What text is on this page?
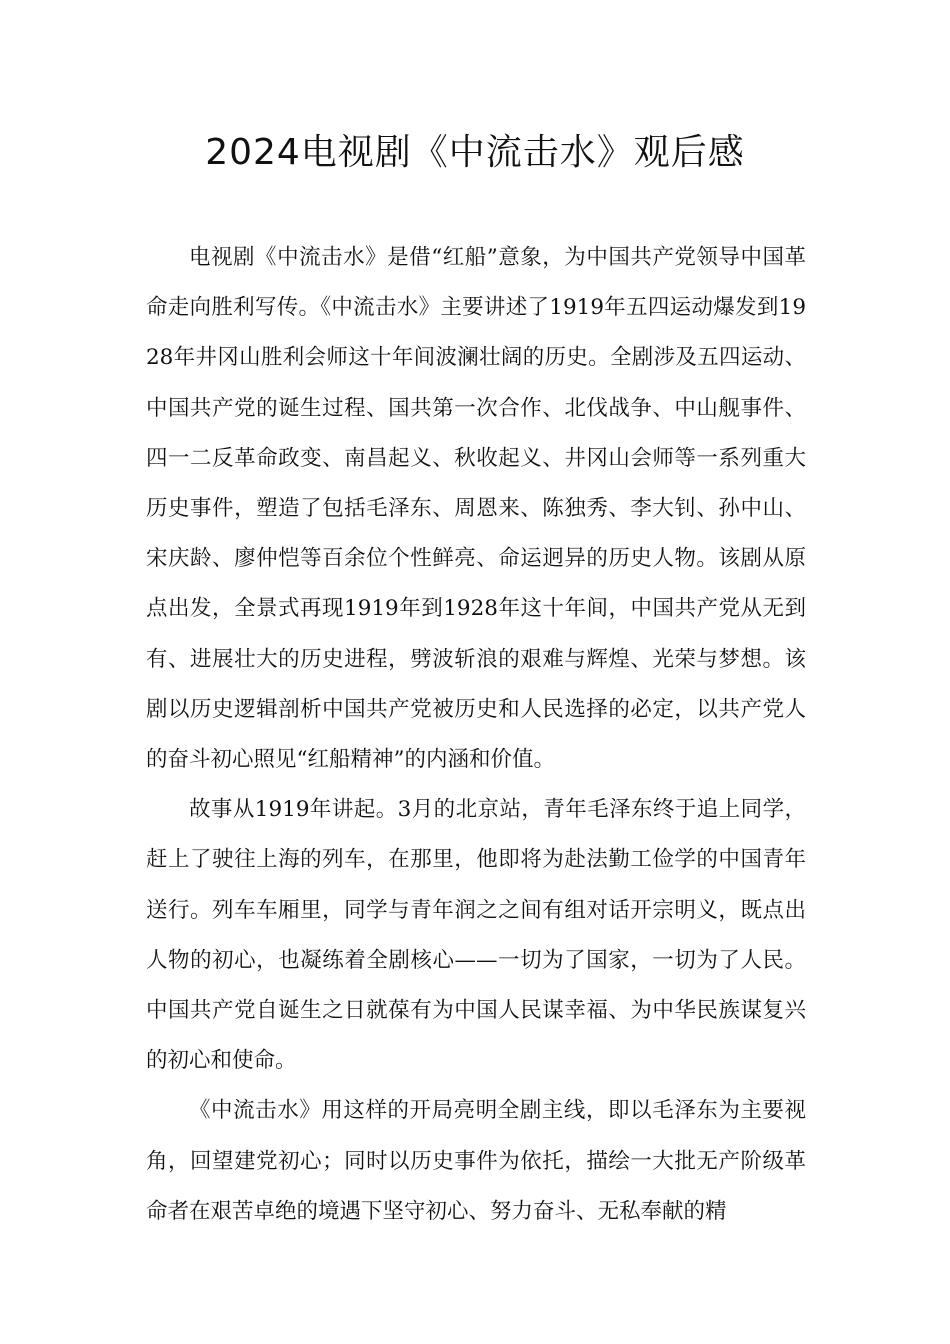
2024电视剧《中流击水》观后感

电视剧《中流击水》是借“红船”意象，为中国共产党领导中国革命走向胜利写传。《中流击水》主要讲述了1919年五四运动爆发到1928年井冈山胜利会师这十年间波澜壮阔的历史。全剧涉及五四运动、中国共产党的诞生过程、国共第一次合作、北伐战争、中山舰事件、四一二反革命政变、南昌起义、秋收起义、井冈山会师等一系列重大历史事件，塑造了包括毛泽东、周恩来、陈独秀、李大钊、孙中山、宋庆龄、廖仲恺等百余位个性鲜亮、命运迥异的历史人物。该剧从原点出发，全景式再现1919年到1928年这十年间，中国共产党从无到有、进展壮大的历史进程，劈波斩浪的艰难与辉煌、光荣与梦想。该剧以历史逻辑剖析中国共产党被历史和人民选择的必定，以共产党人的奋斗初心照见“红船精神”的内涵和价值。

故事从1919年讲起。3月的北京站，青年毛泽东终于追上同学，赶上了驶往上海的列车，在那里，他即将为赴法勤工俭学的中国青年送行。列车车厢里，同学与青年润之之间有组对话开宗明义，既点出人物的初心，也凝练着全剧核心——一切为了国家，一切为了人民。中国共产党自诞生之日就葆有为中国人民谋幸福、为中华民族谋复兴的初心和使命。

《中流击水》用这样的开局亮明全剧主线，即以毛泽东为主要视角，回望建党初心；同时以历史事件为依托，描绘一大批无产阶级革命者在艰苦卓绝的境遇下坚守初心、努力奋斗、无私奉献的精
